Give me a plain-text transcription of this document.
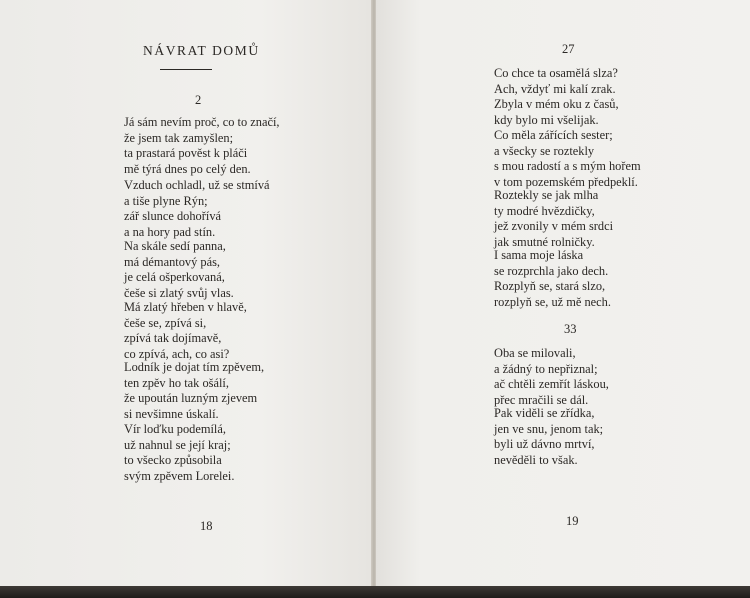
NÁVRAT DOMŮ
2
Já sám nevím proč, co to značí,
že jsem tak zamyšlen;
ta prastará pověst k pláči
mě týrá dnes po celý den.
Vzduch ochladl, už se stmívá
a tiše plyne Rýn;
zář slunce dohořívá
a na hory pad stín.
Na skále sedí panna,
má démantový pás,
je celá ošperkovaná,
češe si zlatý svůj vlas.
Má zlatý hřeben v hlavě,
češe se, zpívá si,
zpívá tak dojímavě,
co zpívá, ach, co asi?
Lodník je dojat tím zpěvem,
ten zpěv ho tak ošálí,
že upoután luzným zjevem
si nevšimne úskalí.
Vír loďku podemílá,
už nahnul se její kraj;
to všecko způsobila
svým zpěvem Lorelei.
18
27
Co chce ta osamělá slza?
Ach, vždyť mi kalí zrak.
Zbyla v mém oku z časů,
kdy bylo mi všelijak.
Co měla zářících sester;
a všecky se roztekly
s mou radostí a s mým hořem
v tom pozemském předpeklí.
Roztekly se jak mlha
ty modré hvězdičky,
jež zvonily v mém srdci
jak smutné rolničky.
I sama moje láska
se rozprchla jako dech.
Rozplyň se, stará slzo,
rozplyň se, už mě nech.
33
Oba se milovali,
a žádný to nepřiznal;
ač chtěli zemřít láskou,
přec mračili se dál.
Pak viděli se zřídka,
jen ve snu, jenom tak;
byli už dávno mrtví,
nevěděli to však.
19
